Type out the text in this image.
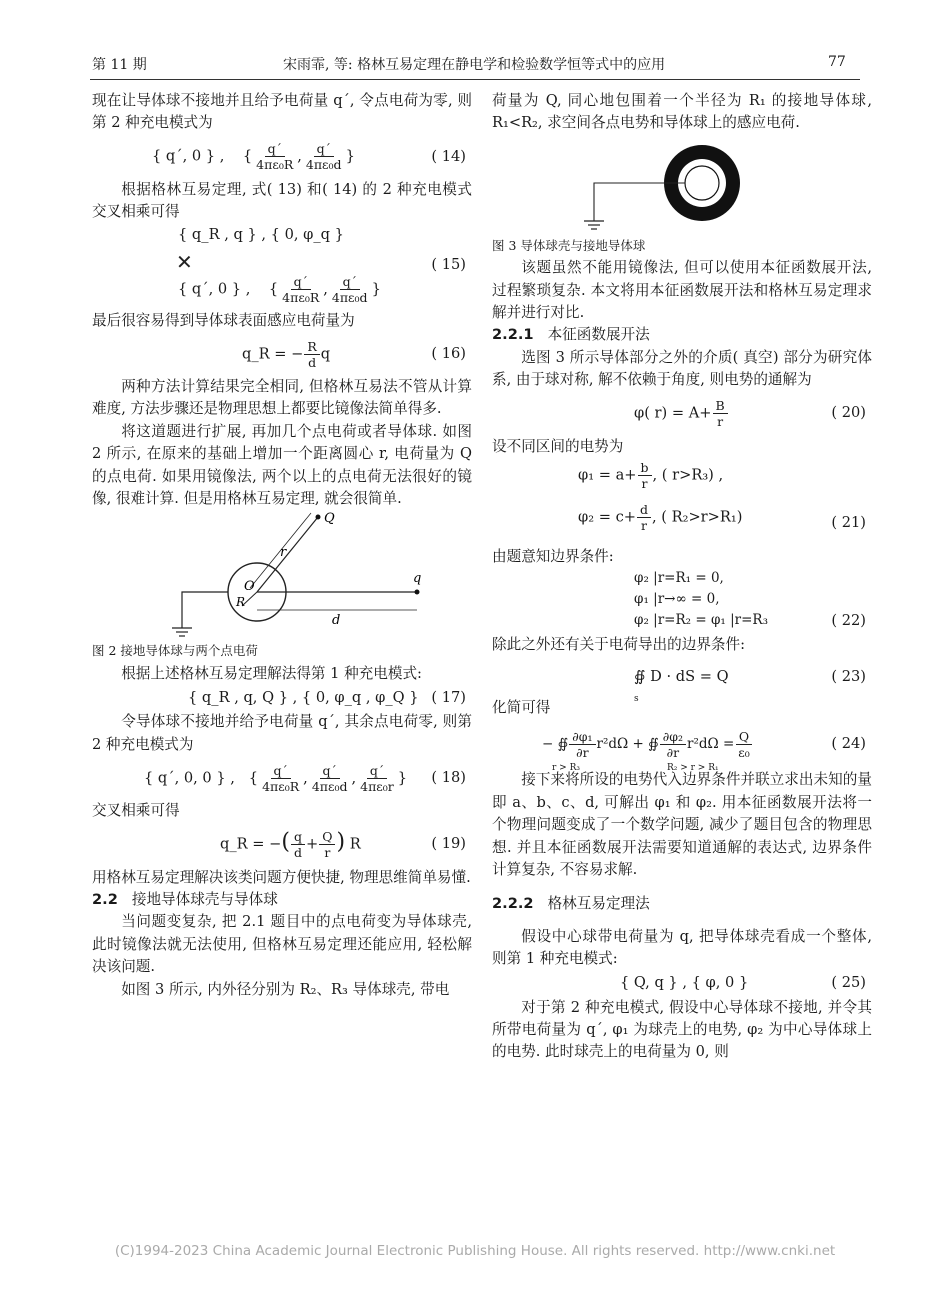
第 11 期	宋雨霏, 等: 格林互易定理在静电学和检验数学恒等式中的应用	77

现在让导体球不接地并且给予电荷量 q´, 令点电荷为零, 则第 2 种充电模式为

{ q´, 0 } ,    { $\frac{q´}{\text{4πε₀R}}$ , $\frac{q´}{\text{4πε₀d}}$ }	( 14)

根据格林互易定理, 式( 13) 和( 14) 的 2 种充电模式交叉相乘可得

{ q_R , q } , { 0, φ_q }
✕
{ q´, 0 } ,    { $\frac{q´}{\text{4πε₀R}}$ , $\frac{q´}{\text{4πε₀d}}$ }
( 15)

最后很容易得到导体球表面感应电荷量为

q_R = − $\frac{R}{d}$ q	( 16)

两种方法计算结果完全相同, 但格林互易法不管从计算难度, 方法步骤还是物理思想上都要比镜像法简单得多.

将这道题进行扩展, 再加几个点电荷或者导体球. 如图 2 所示, 在原来的基础上增加一个距离圆心 r, 电荷量为 Q 的点电荷. 如果用镜像法, 两个以上的点电荷无法很好的镜像, 很难计算. 但是用格林互易定理, 就会很简单.

Q
r
O
R
q
d

图 2 接地导体球与两个点电荷

根据上述格林互易定理解法得第 1 种充电模式:

{ q_R , q, Q } , { 0, φ_q , φ_Q } ( 17)

令导体球不接地并给予电荷量 q´, 其余点电荷零, 则第 2 种充电模式为

{ q´, 0, 0 } ,   { $\frac{q´}{\text{4πε₀R}}$ , $\frac{q´}{\text{4πε₀d}}$ , $\frac{q´}{\text{4πε₀r}}$ } ( 18)

交叉相乘可得

q_R = −( $\frac{q}{d} + \frac{Q}{r}$ ) R	( 19)

用格林互易定理解决该类问题方便快捷, 物理思维简单易懂.

2.2 接地导体球壳与导体球

当问题变复杂, 把 2.1 题目中的点电荷变为导体球壳, 此时镜像法就无法使用, 但格林互易定理还能应用, 轻松解决该问题.

如图 3 所示, 内外径分别为 R₂、R₃ 导体球壳, 带电

荷量为 Q, 同心地包围着一个半径为 R₁ 的接地导体球, R₁<R₂, 求空间各点电势和导体球上的感应电荷.

图 3 导体球壳与接地导体球

该题虽然不能用镜像法, 但可以使用本征函数展开法, 过程繁琐复杂. 本文将用本征函数展开法和格林互易定理求解并进行对比.

2.2.1 本征函数展开法

选图 3 所示导体部分之外的介质( 真空) 部分为研究体系, 由于球对称, 解不依赖于角度, 则电势的通解为

φ( $r) = A+ \frac{B}{r}$	( 20)

设不同区间的电势为

$\varphi_1 = a+ \frac{b}{r}$ , ( r>R₃) ,
$\varphi_2 = c+ \frac{d}{r}$ , ( R₂>r>R₁)	( 21)

由题意知边界条件:

φ₂ |r=R₁ = 0,
φ₁ |r→∞ = 0,
φ₂ |r=R₂ = φ₁ |r=R₃	( 22)

除此之外还有关于电荷导出的边界条件:

∯ D · dS = Q
s
( 23)

化简可得

− ∯ $\frac{\text{∂φ₁}}{\partial r} r^2d\Omega$ + ∯ $\frac{\text{∂φ₂}}{\partial r} r^2d\Omega = \frac{Q}{\text{ε₀}}$
r > R₃	R₂ > r > R₁
( 24)

接下来将所设的电势代入边界条件并联立求出未知的量即 a、b、c、d, 可解出 φ₁ 和 φ₂. 用本征函数展开法将一个物理问题变成了一个数学问题, 减少了题目包含的物理思想. 并且本征函数展开法需要知道通解的表达式, 边界条件计算复杂, 不容易求解.

2.2.2 格林互易定理法

假设中心球带电荷量为 q, 把导体球壳看成一个整体, 则第 1 种充电模式:

{ Q, q } , { φ, 0 }	( 25)

对于第 2 种充电模式, 假设中心导体球不接地, 并令其所带电荷量为 q´, φ₁ 为球壳上的电势, φ₂ 为中心导体球上的电势. 此时球壳上的电荷量为 0, 则

(C)1994-2023 China Academic Journal Electronic Publishing House. All rights reserved. http://www.cnki.net
